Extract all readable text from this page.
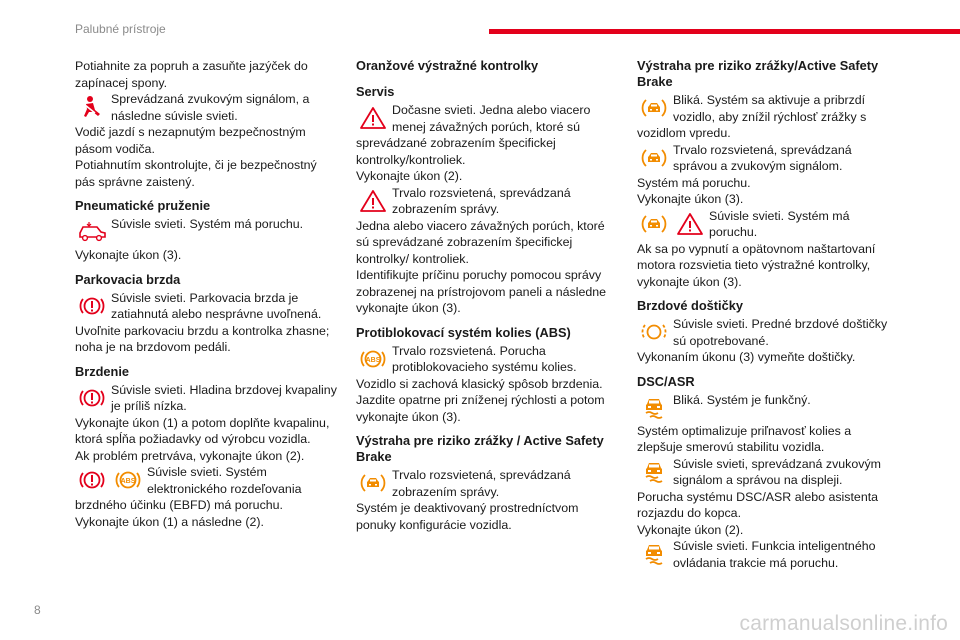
Palubné prístroje

Potiahnite za popruh a zasuňte jazýček do zapínacej spony.

Sprevádzaná zvukovým signálom, a následne súvisle svieti.

Vodič jazdí s nezapnutým bezpečnostným pásom vodiča.

Potiahnutím skontrolujte, či je bezpečnostný pás správne zaistený.

Pneumatické pruženie
Súvisle svieti. Systém má poruchu.

Vykonajte úkon (3).

Parkovacia brzda
Súvisle svieti. Parkovacia brzda je zatiahnutá alebo nesprávne uvoľnená.

Uvoľnite parkovaciu brzdu a kontrolka zhasne; noha je na brzdovom pedáli.

Brzdenie
Súvisle svieti. Hladina brzdovej kvapaliny je príliš nízka.

Vykonajte úkon (1) a potom doplňte kvapalinu, ktorá spĺňa požiadavky od výrobcu vozidla.

Ak problém pretrváva, vykonajte úkon (2).

ABS
Súvisle svieti. Systém elektronického rozdeľovania brzdného účinku (EBFD) má poruchu.

Vykonajte úkon (1) a následne (2).

Oranžové výstražné kontrolky
Servis
Dočasne svieti. Jedna alebo viacero menej závažných porúch, ktoré sú sprevádzané zobrazením špecifickej kontrolky/kontroliek.

Vykonajte úkon (2).

Trvalo rozsvietená, sprevádzaná zobrazením správy.

Jedna alebo viacero závažných porúch, ktoré sú sprevádzané zobrazením špecifickej kontrolky/ kontroliek.

Identifikujte príčinu poruchy pomocou správy zobrazenej na prístrojovom paneli a následne vykonajte úkon (3).

Protiblokovací systém kolies (ABS)
ABS
Trvalo rozsvietená. Porucha protiblokovacieho systému kolies.

Vozidlo si zachová klasický spôsob brzdenia. Jazdite opatrne pri zníženej rýchlosti a potom vykonajte úkon (3).

Výstraha pre riziko zrážky / Active Safety Brake
Trvalo rozsvietená, sprevádzaná zobrazením správy.

Systém je deaktivovaný prostredníctvom ponuky konfigurácie vozidla.

Výstraha pre riziko zrážky/Active Safety Brake
Bliká. Systém sa aktivuje a pribrzdí vozidlo, aby znížil rýchlosť zrážky s vozidlom vpredu.
Trvalo rozsvietená, sprevádzaná správou a zvukovým signálom.

Systém má poruchu.

Vykonajte úkon (3).

Súvisle svieti. Systém má poruchu.

Ak sa po vypnutí a opätovnom naštartovaní motora rozsvietia tieto výstražné kontrolky, vykonajte úkon (3).

Brzdové doštičky
Súvisle svieti. Predné brzdové doštičky sú opotrebované.

Vykonaním úkonu (3) vymeňte doštičky.

DSC/ASR
Bliká. Systém je funkčný.

Systém optimalizuje priľnavosť kolies a zlepšuje smerovú stabilitu vozidla.

Súvisle svieti, sprevádzaná zvukovým signálom a správou na displeji.

Porucha systému DSC/ASR alebo asistenta rozjazdu do kopca.

Vykonajte úkon (2).

Súvisle svieti. Funkcia inteligentného ovládania trakcie má poruchu.
8
carmanualsonline.info
